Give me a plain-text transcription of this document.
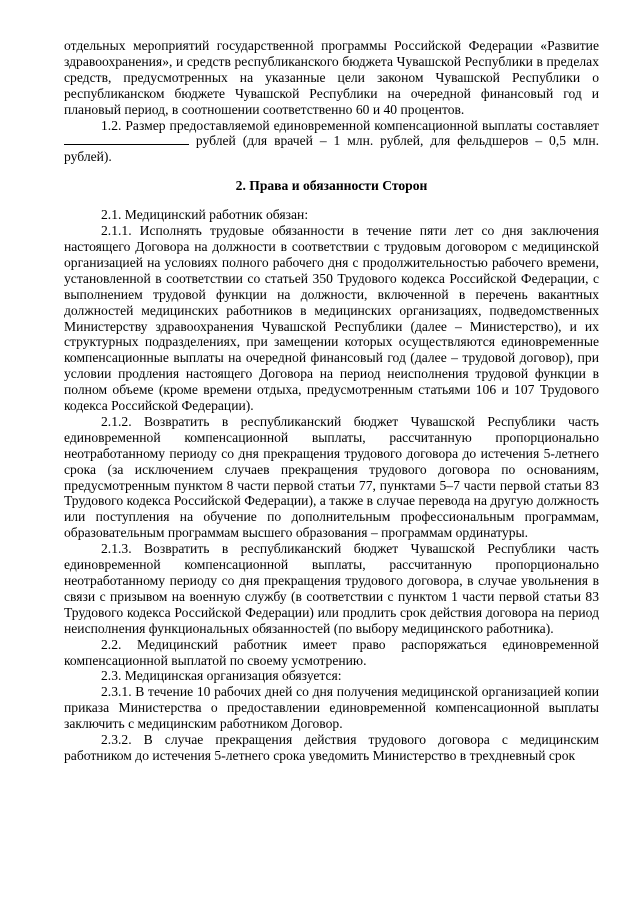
отдельных мероприятий государственной программы Российской Федерации «Развитие здравоохранения», и средств республиканского бюджета Чувашской Республики в пределах средств, предусмотренных на указанные цели законом Чувашской Республики о республиканском бюджете Чувашской Республики на очередной финансовый год и плановый период, в соотношении соответственно 60 и 40 процентов.

1.2. Размер предоставляемой единовременной компенсационной выплаты составляет  рублей (для врачей – 1 млн. рублей, для фельдшеров – 0,5 млн. рублей).

2. Права и обязанности Сторон

2.1. Медицинский работник обязан:

2.1.1. Исполнять трудовые обязанности в течение пяти лет со дня заключения настоящего Договора на должности в соответствии с трудовым договором с медицинской организацией на условиях полного рабочего дня с продолжительностью рабочего времени, установленной в соответствии со статьей 350 Трудового кодекса Российской Федерации, с выполнением трудовой функции на должности, включенной в перечень вакантных должностей медицинских работников в медицинских организациях, подведомственных Министерству здравоохранения Чувашской Республики (далее – Министерство), и их структурных подразделениях, при замещении которых осуществляются единовременные компенсационные выплаты на очередной финансовый год (далее – трудовой договор), при условии продления настоящего Договора на период неисполнения трудовой функции в полном объеме (кроме времени отдыха, предусмотренным статьями 106 и 107 Трудового кодекса Российской Федерации).

2.1.2. Возвратить в республиканский бюджет Чувашской Республики часть единовременной компенсационной выплаты, рассчитанную пропорционально неотработанному периоду со дня прекращения трудового договора до истечения 5-летнего срока (за исключением случаев прекращения трудового договора по основаниям, предусмотренным пунктом 8 части первой статьи 77, пунктами 5–7 части первой статьи 83 Трудового кодекса Российской Федерации), а также в случае перевода на другую должность или поступления на обучение по дополнительным профессиональным программам, образовательным программам высшего образования – программам ординатуры.

2.1.3. Возвратить в республиканский бюджет Чувашской Республики часть единовременной компенсационной выплаты, рассчитанную пропорционально неотработанному периоду со дня прекращения трудового договора, в случае увольнения в связи с призывом на военную службу (в соответствии с пунктом 1 части первой статьи 83 Трудового кодекса Российской Федерации) или продлить срок действия договора на период неисполнения функциональных обязанностей (по выбору медицинского работника).

2.2. Медицинский работник имеет право распоряжаться единовременной компенсационной выплатой по своему усмотрению.

2.3. Медицинская организация обязуется:

2.3.1. В течение 10 рабочих дней со дня получения медицинской организацией копии приказа Министерства о предоставлении единовременной компенсационной выплаты заключить с медицинским работником Договор.

2.3.2. В случае прекращения действия трудового договора с медицинским работником до истечения 5-летнего срока уведомить Министерство в трехдневный срок
